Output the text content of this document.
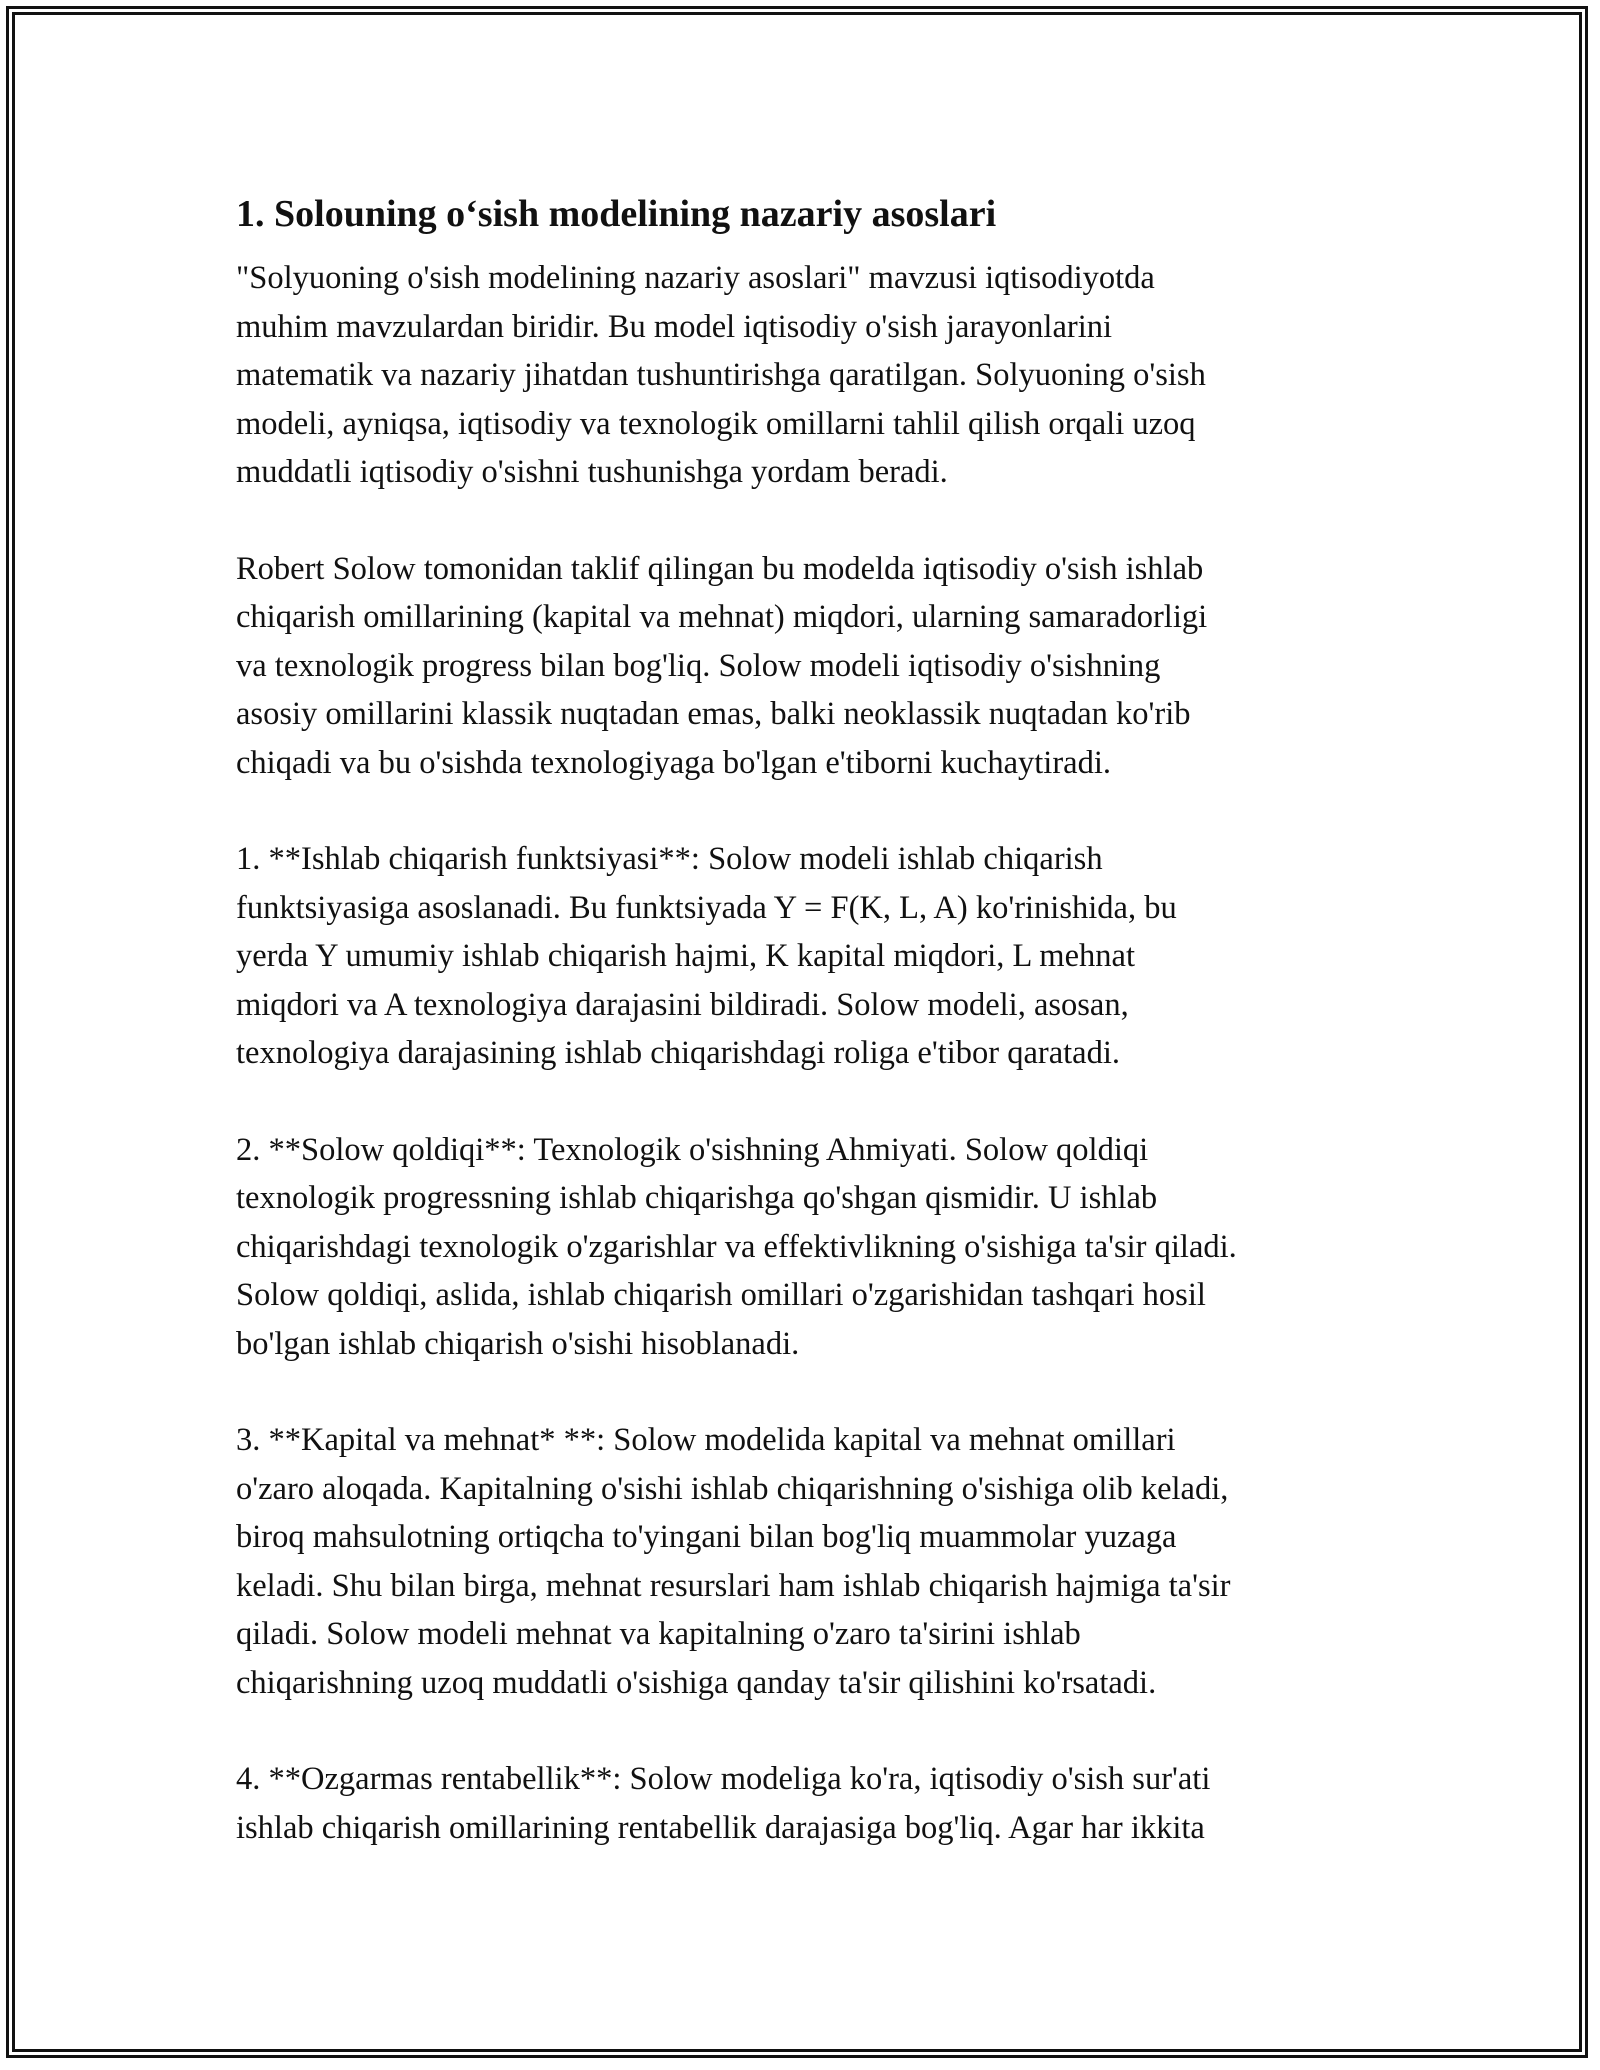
1. Solouning o‘sish modelining nazariy asoslari

"Solyuoning o'sish modelining nazariy asoslari" mavzusi iqtisodiyotda
muhim mavzulardan biridir. Bu model iqtisodiy o'sish jarayonlarini
matematik va nazariy jihatdan tushuntirishga qaratilgan. Solyuoning o'sish
modeli, ayniqsa, iqtisodiy va texnologik omillarni tahlil qilish orqali uzoq
muddatli iqtisodiy o'sishni tushunishga yordam beradi.

Robert Solow tomonidan taklif qilingan bu modelda iqtisodiy o'sish ishlab
chiqarish omillarining (kapital va mehnat) miqdori, ularning samaradorligi
va texnologik progress bilan bog'liq. Solow modeli iqtisodiy o'sishning
asosiy omillarini klassik nuqtadan emas, balki neoklassik nuqtadan ko'rib
chiqadi va bu o'sishda texnologiyaga bo'lgan e'tiborni kuchaytiradi.

1. **Ishlab chiqarish funktsiyasi**: Solow modeli ishlab chiqarish
funktsiyasiga asoslanadi. Bu funktsiyada Y = F(K, L, A) ko'rinishida, bu
yerda Y umumiy ishlab chiqarish hajmi, K kapital miqdori, L mehnat
miqdori va A texnologiya darajasini bildiradi. Solow modeli, asosan,
texnologiya darajasining ishlab chiqarishdagi roliga e'tibor qaratadi.

2. **Solow qoldiqi**: Texnologik o'sishning Ahmiyati. Solow qoldiqi
texnologik progressning ishlab chiqarishga qo'shgan qismidir. U ishlab
chiqarishdagi texnologik o'zgarishlar va effektivlikning o'sishiga ta'sir qiladi.
Solow qoldiqi, aslida, ishlab chiqarish omillari o'zgarishidan tashqari hosil
bo'lgan ishlab chiqarish o'sishi hisoblanadi.

3. **Kapital va mehnat* **: Solow modelida kapital va mehnat omillari
o'zaro aloqada. Kapitalning o'sishi ishlab chiqarishning o'sishiga olib keladi,
biroq mahsulotning ortiqcha to'yingani bilan bog'liq muammolar yuzaga
keladi. Shu bilan birga, mehnat resurslari ham ishlab chiqarish hajmiga ta'sir
qiladi. Solow modeli mehnat va kapitalning o'zaro ta'sirini ishlab
chiqarishning uzoq muddatli o'sishiga qanday ta'sir qilishini ko'rsatadi.

4. **Ozgarmas rentabellik**: Solow modeliga ko'ra, iqtisodiy o'sish sur'ati
ishlab chiqarish omillarining rentabellik darajasiga bog'liq. Agar har ikkita
